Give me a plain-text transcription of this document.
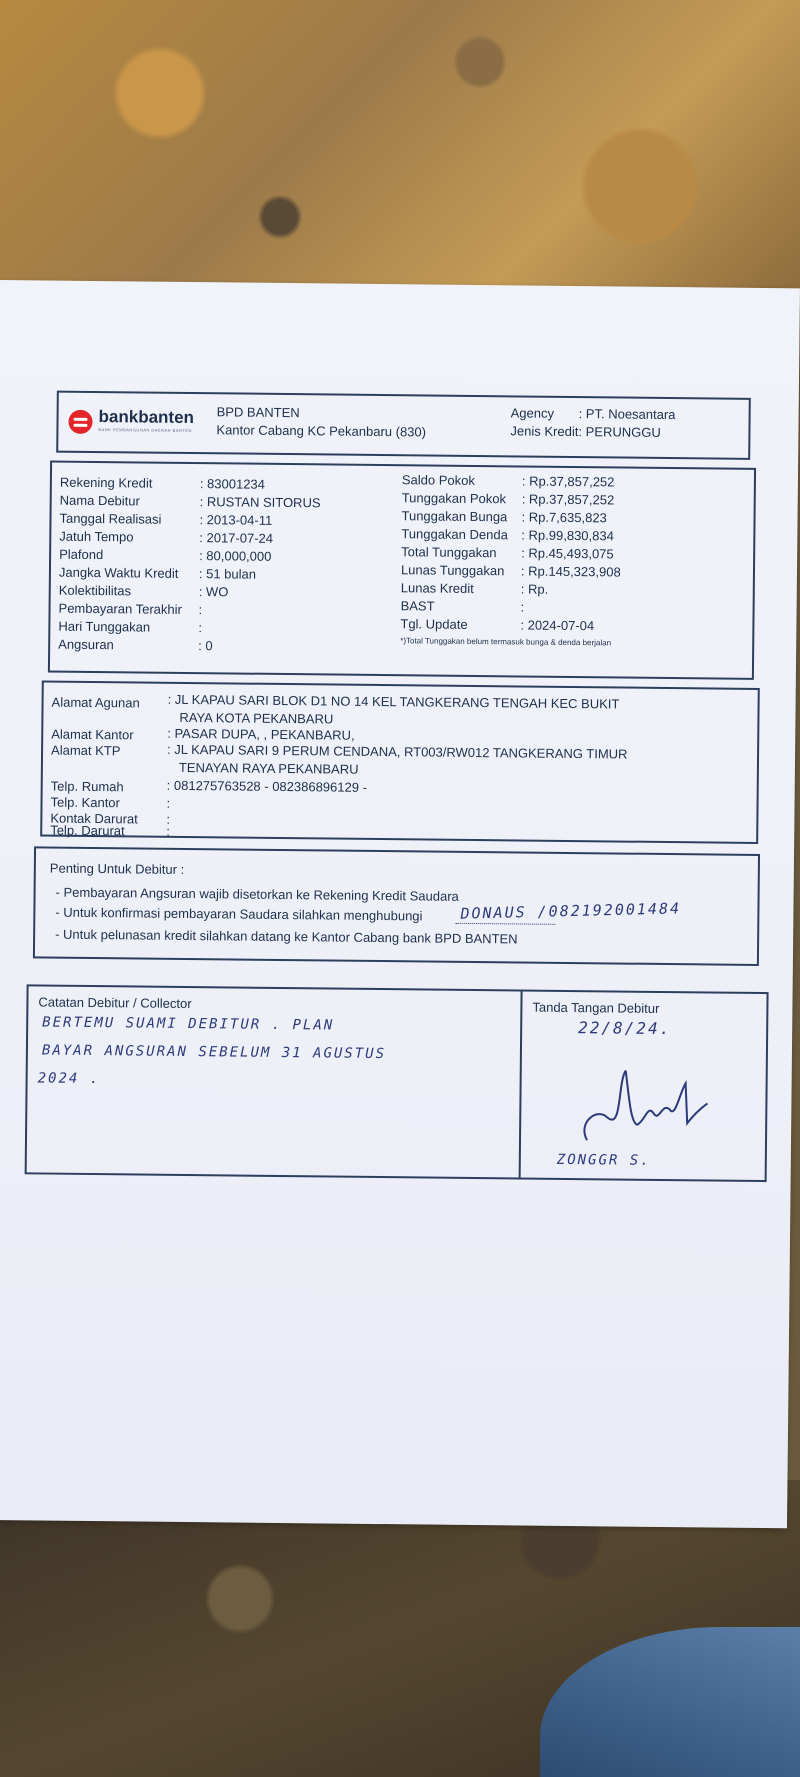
bankbanten
BANK PEMBANGUNAN DAERAH BANTEN
BPD BANTEN
Kantor Cabang KC Pekanbaru (830)
Agency : PT. Noesantara
Jenis Kredit : PERUNGGU
Rekening Kredit	: 83001234
Nama Debitur	: RUSTAN SITORUS
Tanggal Realisasi	: 2013-04-11
Jatuh Tempo	: 2017-07-24
Plafond	: 80,000,000
Jangka Waktu Kredit : 51 bulan
Kolektibilitas	: WO
Pembayaran Terakhir :
Hari Tunggakan	:
Angsuran	: 0
Saldo Pokok	: Rp.37,857,252
Tunggakan Pokok : Rp.37,857,252
Tunggakan Bunga : Rp.7,635,823
Tunggakan Denda : Rp.99,830,834
Total Tunggakan : Rp.45,493,075
Lunas Tunggakan : Rp.145,323,908
Lunas Kredit	: Rp.
BAST	:
Tgl. Update	: 2024-07-04
*)Total Tunggakan belum termasuk bunga & denda berjalan
Alamat Agunan : JL KAPAU SARI BLOK D1 NO 14 KEL TANGKERANG TENGAH KEC BUKIT
RAYA KOTA PEKANBARU
Alamat Kantor	: PASAR DUPA, , PEKANBARU,
Alamat KTP	: JL KAPAU SARI 9 PERUM CENDANA, RT003/RW012 TANGKERANG TIMUR
TENAYAN RAYA PEKANBARU
Telp. Rumah	: 081275763528 - 082386896129 -
Telp. Kantor	:
Kontak Darurat :
Telp. Darurat	:
Penting Untuk Debitur :
- Pembayaran Angsuran wajib disetorkan ke Rekening Kredit Saudara
- Untuk konfirmasi pembayaran Saudara silahkan menghubungi	DONAUS /082192001484
- Untuk pelunasan kredit silahkan datang ke Kantor Cabang bank BPD BANTEN
Catatan Debitur / Collector
BERTEMU SUAMI DEBITUR . PLAN
BAYAR ANGSURAN SEBELUM 31 AGUSTUS
2024 .
Tanda Tangan Debitur
22/8/24.
ZONGGR S.
